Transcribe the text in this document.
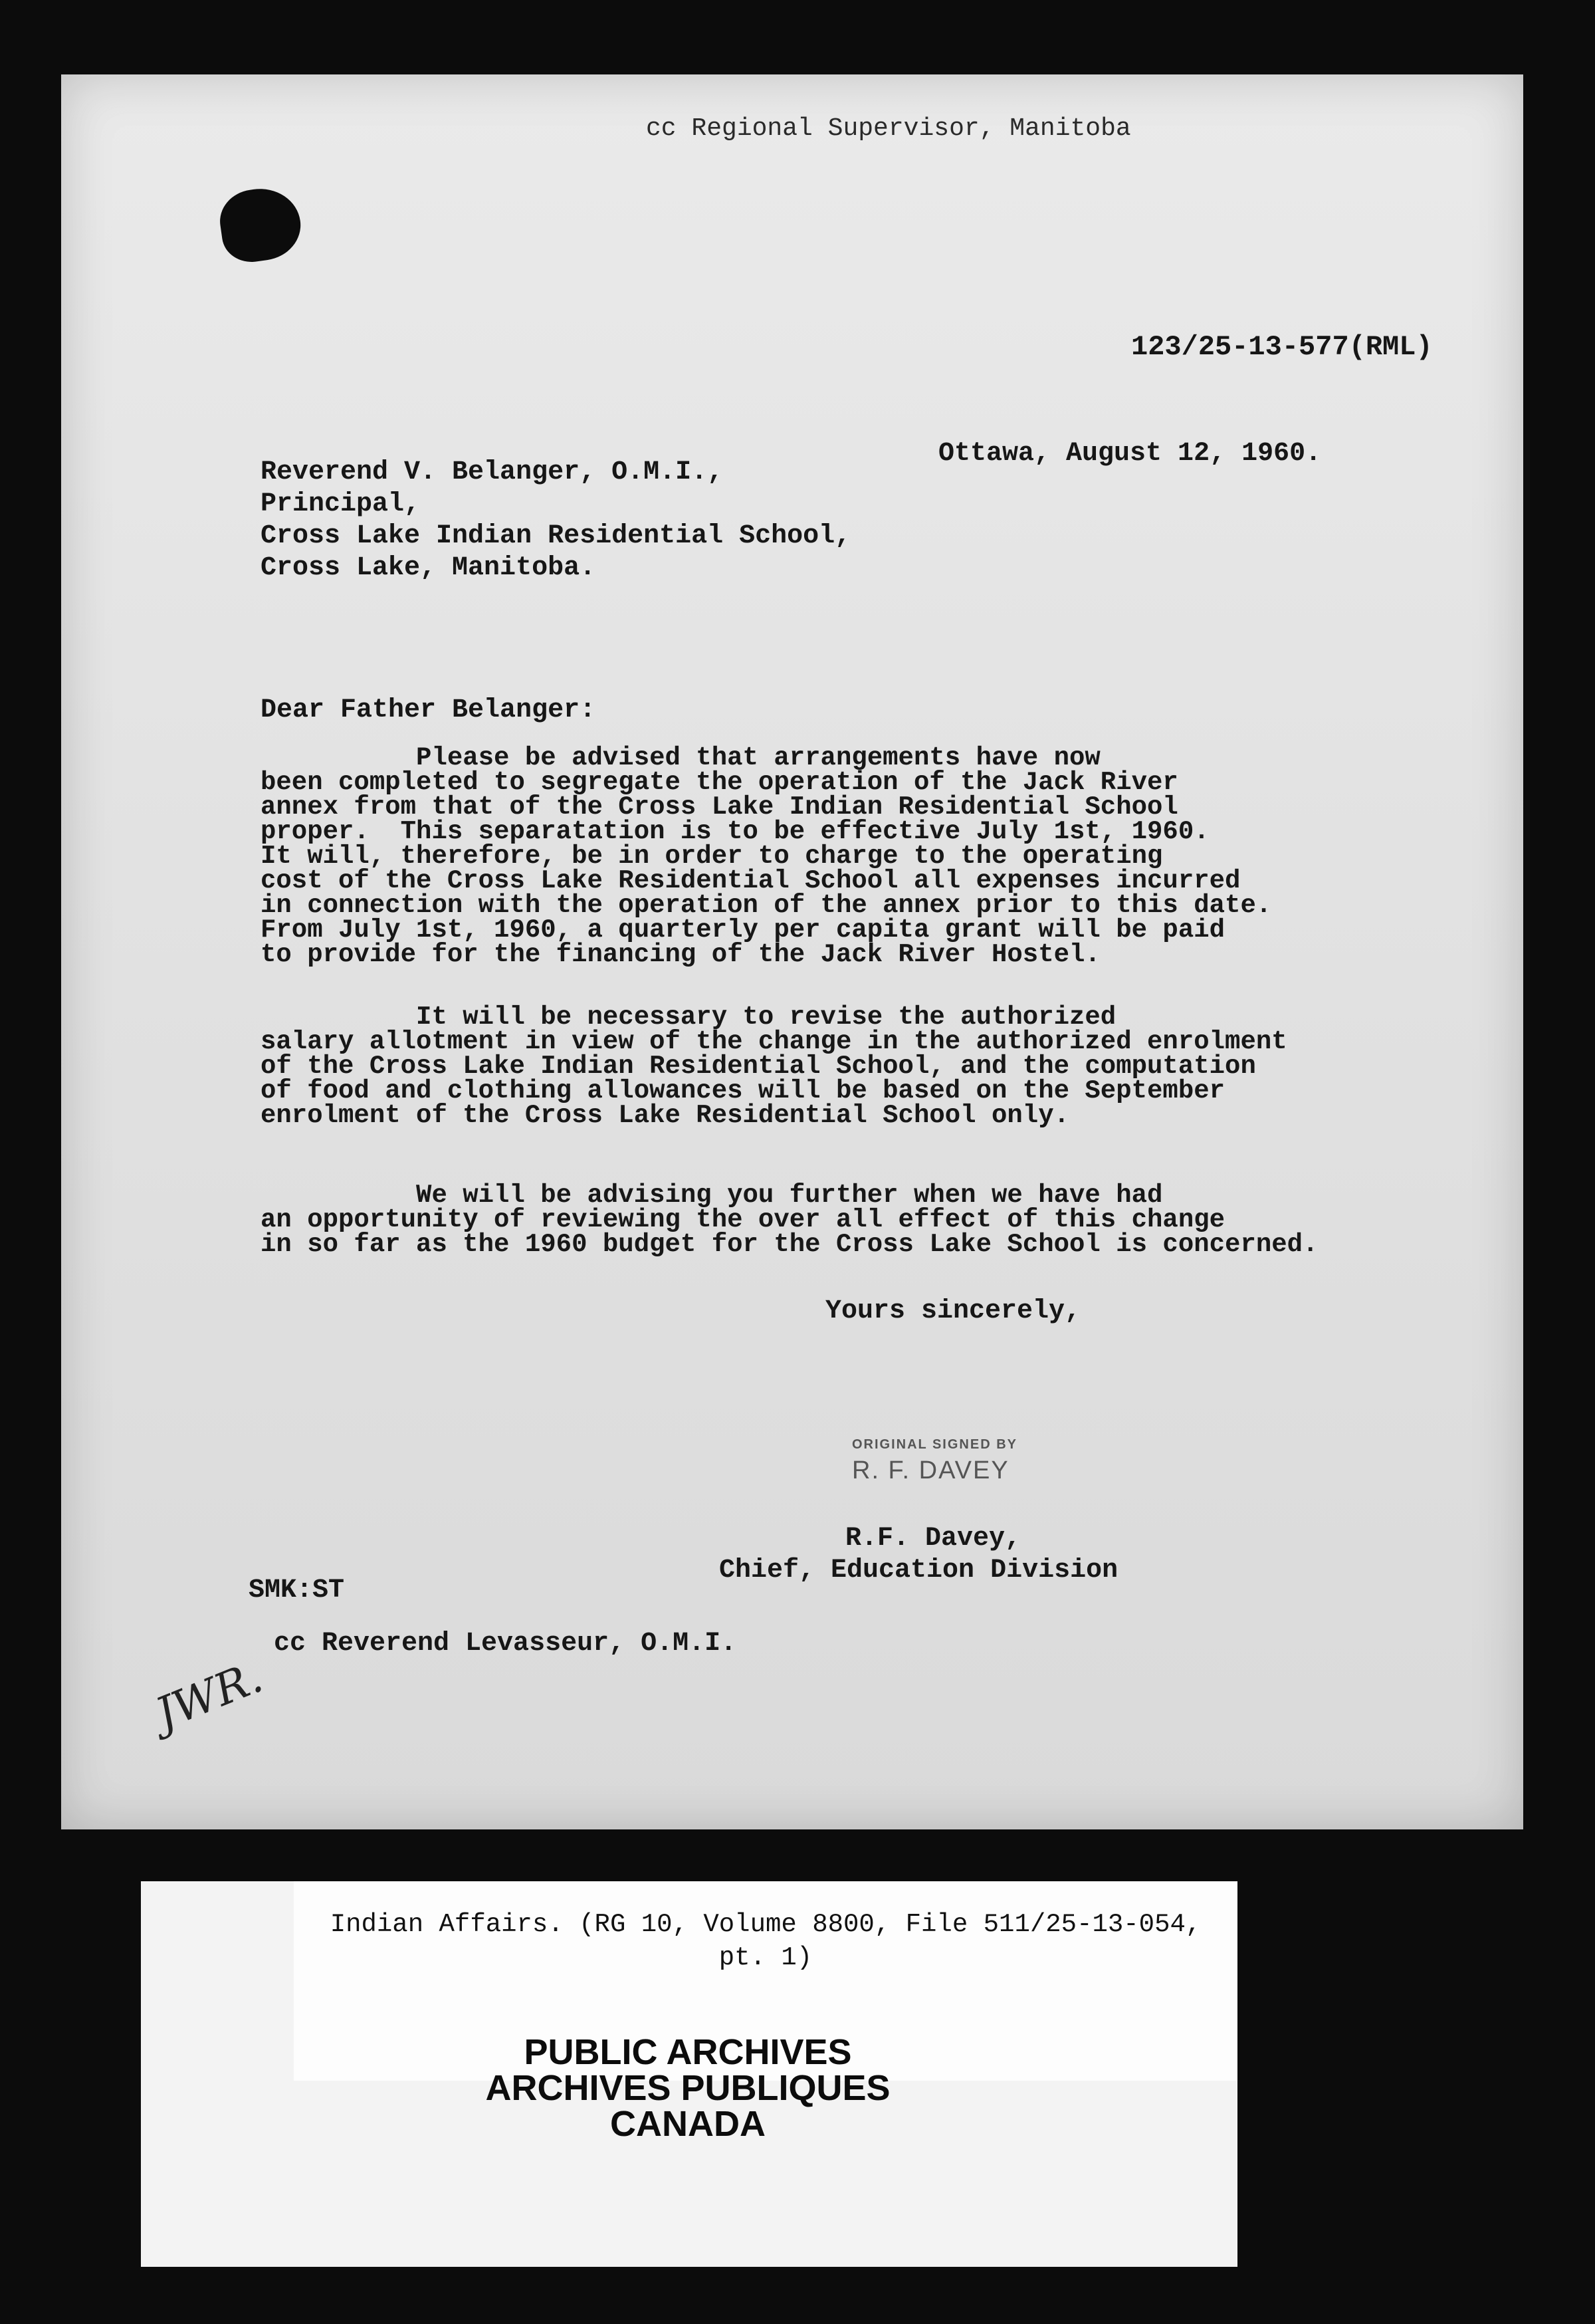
cc Regional Supervisor, Manitoba
123/25-13-577(RML)
Ottawa, August 12, 1960.
Reverend V. Belanger, O.M.I.,
Principal,
Cross Lake Indian Residential School,
Cross Lake, Manitoba.
Dear Father Belanger:
Please be advised that arrangements have now
been completed to segregate the operation of the Jack River
annex from that of the Cross Lake Indian Residential School
proper.  This separatation is to be effective July 1st, 1960.
It will, therefore, be in order to charge to the operating
cost of the Cross Lake Residential School all expenses incurred
in connection with the operation of the annex prior to this date.
From July 1st, 1960, a quarterly per capita grant will be paid
to provide for the financing of the Jack River Hostel.
It will be necessary to revise the authorized
salary allotment in view of the change in the authorized enrolment
of the Cross Lake Indian Residential School, and the computation
of food and clothing allowances will be based on the September
enrolment of the Cross Lake Residential School only.
We will be advising you further when we have had
an opportunity of reviewing the over all effect of this change
in so far as the 1960 budget for the Cross Lake School is concerned.
Yours sincerely,
ORIGINAL SIGNED BY
R. F. DAVEY
R.F. Davey,
Chief, Education Division
SMK:ST
cc Reverend Levasseur, O.M.I.
JWR.
Indian Affairs. (RG 10, Volume 8800, File 511/25-13-054,
pt. 1)
PUBLIC ARCHIVES
ARCHIVES PUBLIQUES
CANADA
